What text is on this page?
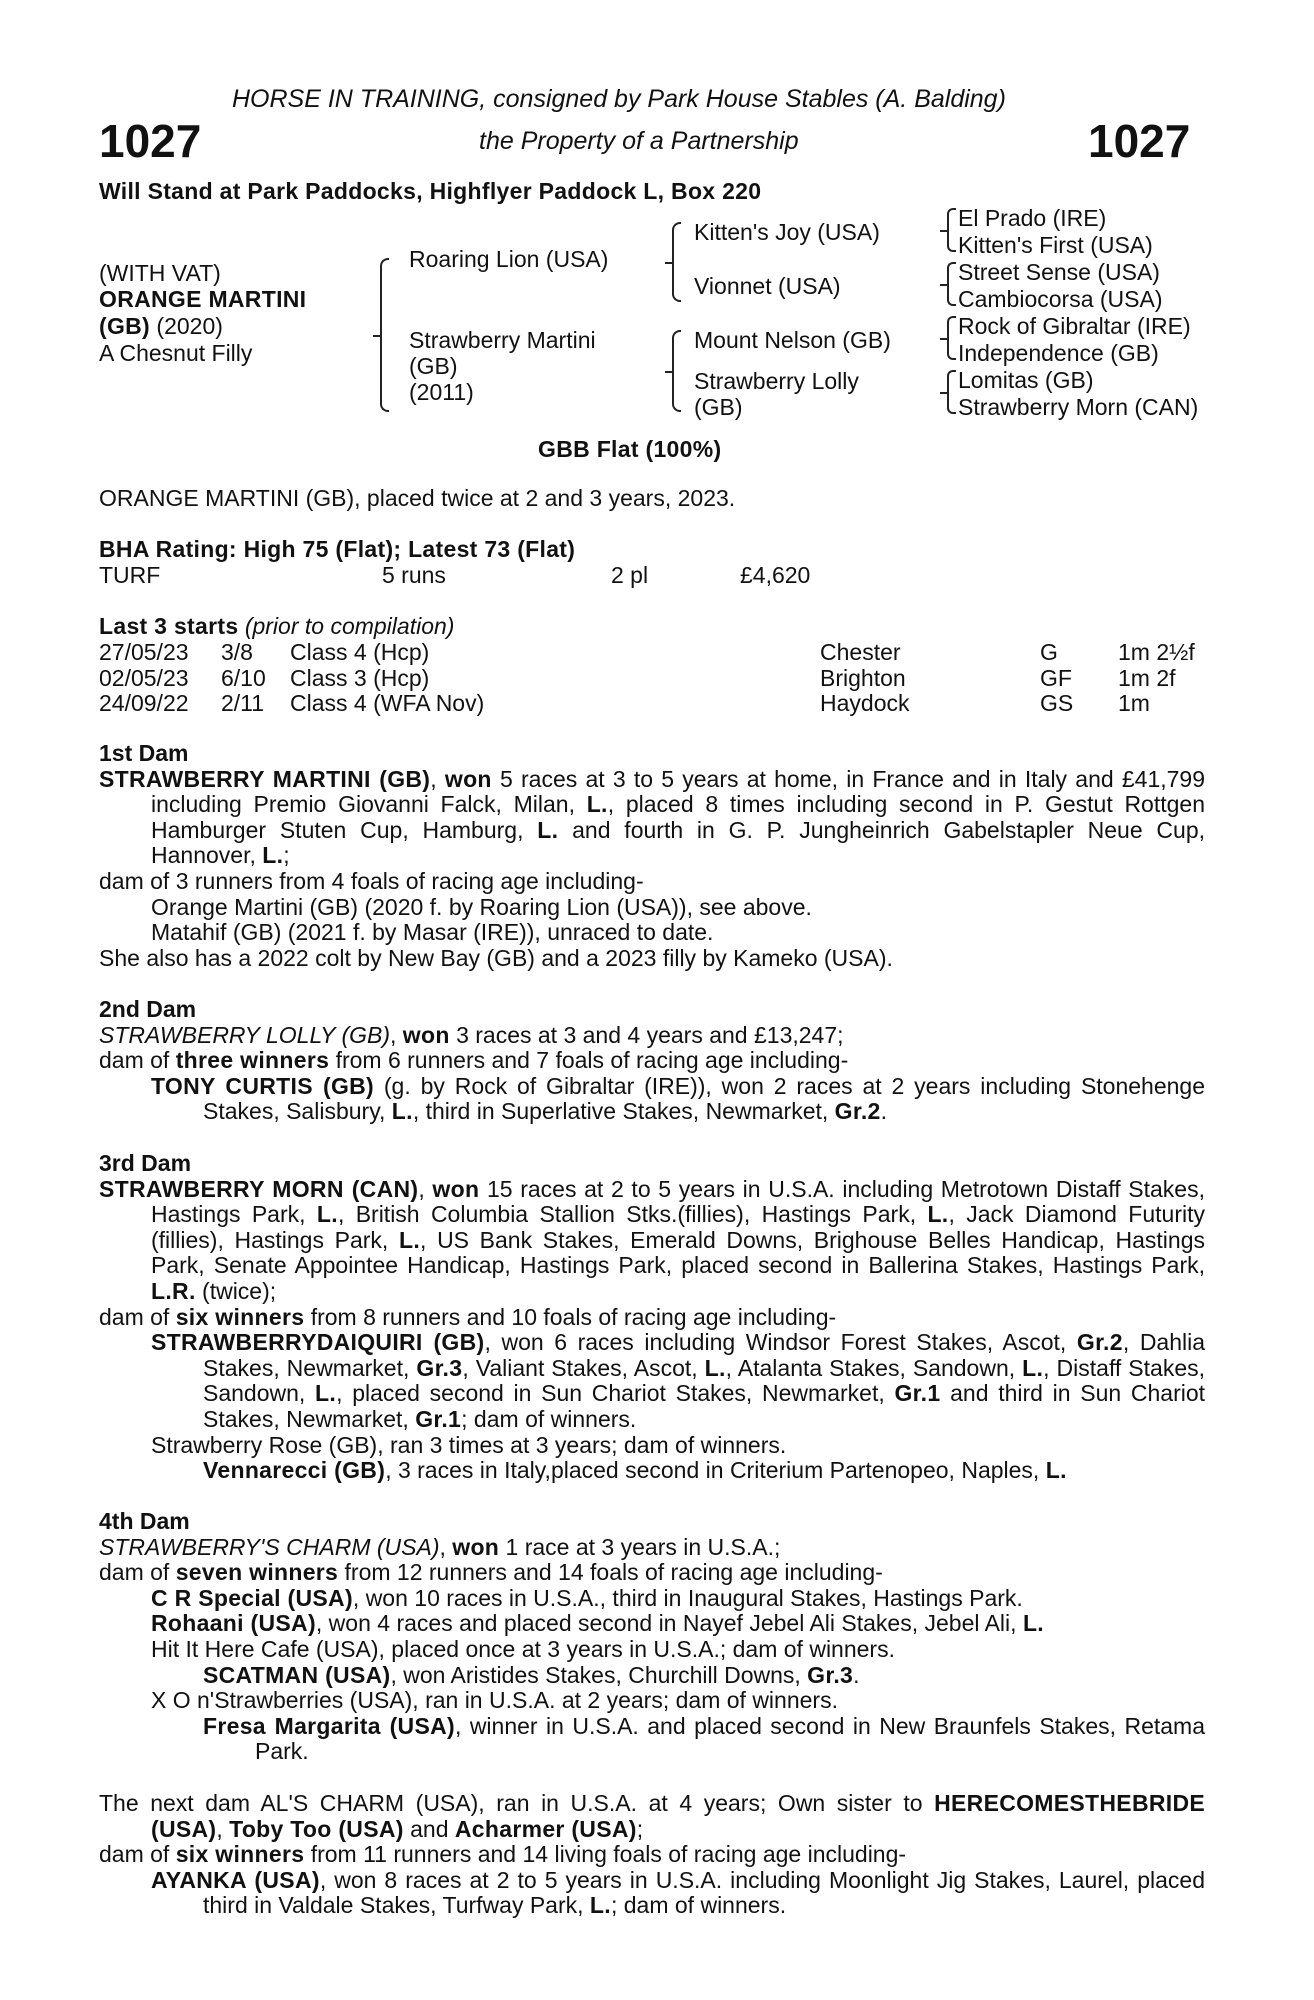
HORSE IN TRAINING, consigned by Park House Stables (A. Balding)
1027	the Property of a Partnership	1027
Will Stand at Park Paddocks, Highflyer Paddock L, Box 220
(WITH VAT)
ORANGE MARTINI
(GB) (2020)
A Chesnut Filly
Roaring Lion (USA)
Strawberry Martini
(GB)
(2011)
Kitten's Joy (USA)
Vionnet (USA)
Mount Nelson (GB)
Strawberry Lolly
(GB)
El Prado (IRE)
Kitten's First (USA)
Street Sense (USA)
Cambiocorsa (USA)
Rock of Gibraltar (IRE)
Independence (GB)
Lomitas (GB)
Strawberry Morn (CAN)
GBB Flat (100%)
ORANGE MARTINI (GB), placed twice at 2 and 3 years, 2023.
BHA Rating: High 75 (Flat); Latest 73 (Flat)
TURF	5 runs	2 pl	£4,620
Last 3 starts (prior to compilation)
27/05/23 3/8 Class 4 (Hcp)	Chester	G	1m 2½f
02/05/23 6/10 Class 3 (Hcp)	Brighton	GF 1m 2f
24/09/22 2/11 Class 4 (WFA Nov)	Haydock	GS 1m

1st Dam

STRAWBERRY MARTINI (GB), won 5 races at 3 to 5 years at home, in France and in Italy and £41,799 including Premio Giovanni Falck, Milan, L., placed 8 times including second in P. Gestut Rottgen Hamburger Stuten Cup, Hamburg, L. and fourth in G. P. Jungheinrich Gabelstapler Neue Cup, Hannover, L.;

dam of 3 runners from 4 foals of racing age including-

Orange Martini (GB) (2020 f. by Roaring Lion (USA)), see above.

Matahif (GB) (2021 f. by Masar (IRE)), unraced to date.

She also has a 2022 colt by New Bay (GB) and a 2023 filly by Kameko (USA).

2nd Dam

STRAWBERRY LOLLY (GB), won 3 races at 3 and 4 years and £13,247;

dam of three winners from 6 runners and 7 foals of racing age including-

TONY CURTIS (GB) (g. by Rock of Gibraltar (IRE)), won 2 races at 2 years including Stonehenge Stakes, Salisbury, L., third in Superlative Stakes, Newmarket, Gr.2.

3rd Dam

STRAWBERRY MORN (CAN), won 15 races at 2 to 5 years in U.S.A. including Metrotown Distaff Stakes, Hastings Park, L., British Columbia Stallion Stks.(fillies), Hastings Park, L., Jack Diamond Futurity (fillies), Hastings Park, L., US Bank Stakes, Emerald Downs, Brighouse Belles Handicap, Hastings Park, Senate Appointee Handicap, Hastings Park, placed second in Ballerina Stakes, Hastings Park, L.R. (twice);

dam of six winners from 8 runners and 10 foals of racing age including-

STRAWBERRYDAIQUIRI (GB), won 6 races including Windsor Forest Stakes, Ascot, Gr.2, Dahlia Stakes, Newmarket, Gr.3, Valiant Stakes, Ascot, L., Atalanta Stakes, Sandown, L., Distaff Stakes, Sandown, L., placed second in Sun Chariot Stakes, Newmarket, Gr.1 and third in Sun Chariot Stakes, Newmarket, Gr.1; dam of winners.

Strawberry Rose (GB), ran 3 times at 3 years; dam of winners.

Vennarecci (GB), 3 races in Italy,placed second in Criterium Partenopeo, Naples, L.

4th Dam

STRAWBERRY'S CHARM (USA), won 1 race at 3 years in U.S.A.;

dam of seven winners from 12 runners and 14 foals of racing age including-

C R Special (USA), won 10 races in U.S.A., third in Inaugural Stakes, Hastings Park.

Rohaani (USA), won 4 races and placed second in Nayef Jebel Ali Stakes, Jebel Ali, L.

Hit It Here Cafe (USA), placed once at 3 years in U.S.A.; dam of winners.

SCATMAN (USA), won Aristides Stakes, Churchill Downs, Gr.3.

X O n'Strawberries (USA), ran in U.S.A. at 2 years; dam of winners.

Fresa Margarita (USA), winner in U.S.A. and placed second in New Braunfels Stakes, Retama Park.

The next dam AL'S CHARM (USA), ran in U.S.A. at 4 years; Own sister to HERECOMESTHEBRIDE (USA), Toby Too (USA) and Acharmer (USA);

dam of six winners from 11 runners and 14 living foals of racing age including-

AYANKA (USA), won 8 races at 2 to 5 years in U.S.A. including Moonlight Jig Stakes, Laurel, placed third in Valdale Stakes, Turfway Park, L.; dam of winners.
